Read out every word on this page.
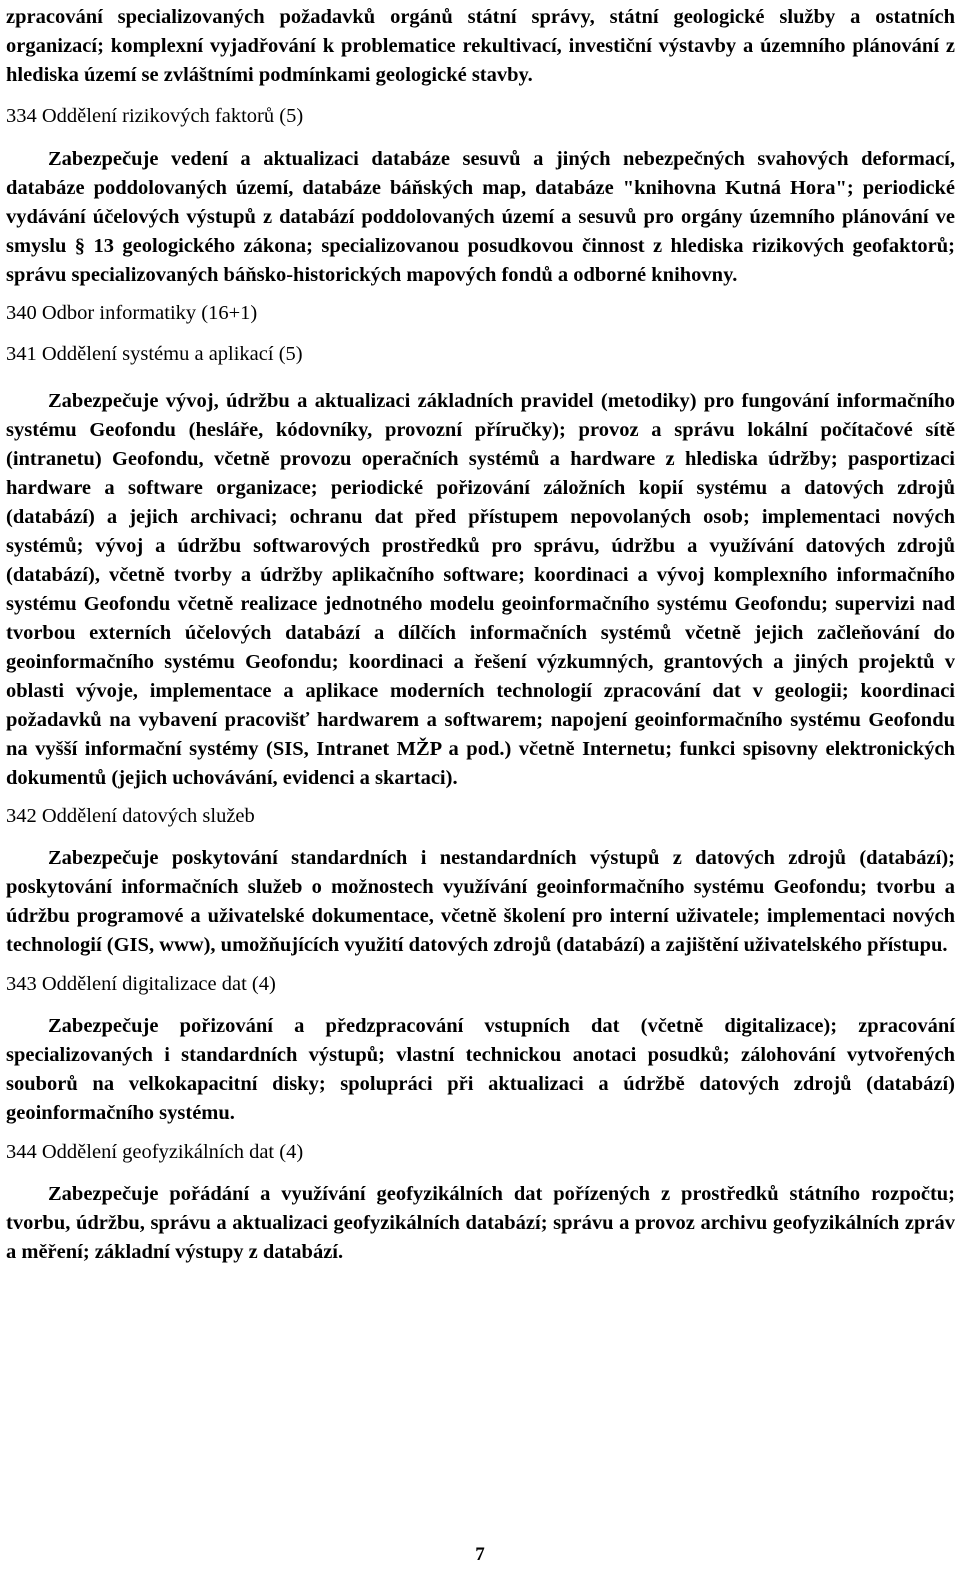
zpracování specializovaných požadavků orgánů státní správy, státní geologické služby a ostatních organizací; komplexní vyjadřování k problematice rekultivací, investiční výstavby a územního plánování z hlediska území se zvláštními podmínkami geologické stavby.

334 Oddělení rizikových faktorů (5)

Zabezpečuje vedení a aktualizaci databáze sesuvů a jiných nebezpečných svahových deformací, databáze poddolovaných území, databáze báňských map, databáze "knihovna Kutná Hora"; periodické vydávání účelových výstupů z databází poddolovaných území a sesuvů pro orgány územního plánování ve smyslu § 13 geologického zákona; specializovanou posudkovou činnost z hlediska rizikových geofaktorů; správu specializovaných báňsko-historických mapových fondů a odborné knihovny.

340 Odbor informatiky (16+1)

341 Oddělení systému a aplikací (5)

Zabezpečuje vývoj, údržbu a aktualizaci základních pravidel (metodiky) pro fungování informačního systému Geofondu (hesláře, kódovníky, provozní příručky); provoz a správu lokální počítačové sítě (intranetu) Geofondu, včetně provozu operačních systémů a hardware z hlediska údržby; pasportizaci hardware a software organizace; periodické pořizování záložních kopií systému a datových zdrojů (databází) a jejich archivaci; ochranu dat před přístupem nepovolaných osob; implementaci nových systémů; vývoj a údržbu softwarových prostředků pro správu, údržbu a využívání datových zdrojů (databází), včetně tvorby a údržby aplikačního software; koordinaci a vývoj komplexního informačního systému Geofondu včetně realizace jednotného modelu geoinformačního systému Geofondu; supervizi nad tvorbou externích účelových databází a dílčích informačních systémů včetně jejich začleňování do geoinformačního systému Geofondu; koordinaci a řešení výzkumných, grantových a jiných projektů v oblasti vývoje, implementace a aplikace moderních technologií zpracování dat v geologii; koordinaci požadavků na vybavení pracovišť hardwarem a softwarem; napojení geoinformačního systému Geofondu na vyšší informační systémy (SIS, Intranet MŽP a pod.) včetně Internetu; funkci spisovny elektronických dokumentů (jejich uchovávání, evidenci a skartaci).

342 Oddělení datových služeb

Zabezpečuje poskytování standardních i nestandardních výstupů z datových zdrojů (databází); poskytování informačních služeb o možnostech využívání geoinformačního systému Geofondu; tvorbu a údržbu programové a uživatelské dokumentace, včetně školení pro interní uživatele; implementaci nových technologií (GIS, www), umožňujících využití datových zdrojů (databází) a zajištění uživatelského přístupu.

343 Oddělení digitalizace dat (4)

Zabezpečuje pořizování a předzpracování vstupních dat (včetně digitalizace); zpracování specializovaných i standardních výstupů; vlastní technickou anotaci posudků; zálohování vytvořených souborů na velkokapacitní disky; spolupráci při aktualizaci a údržbě datových zdrojů (databází) geoinformačního systému.

344 Oddělení geofyzikálních dat (4)

Zabezpečuje pořádání a využívání geofyzikálních dat pořízených z prostředků státního rozpočtu; tvorbu, údržbu, správu a aktualizaci geofyzikálních databází; správu a provoz archivu geofyzikálních zpráv a měření; základní výstupy z databází.

7
